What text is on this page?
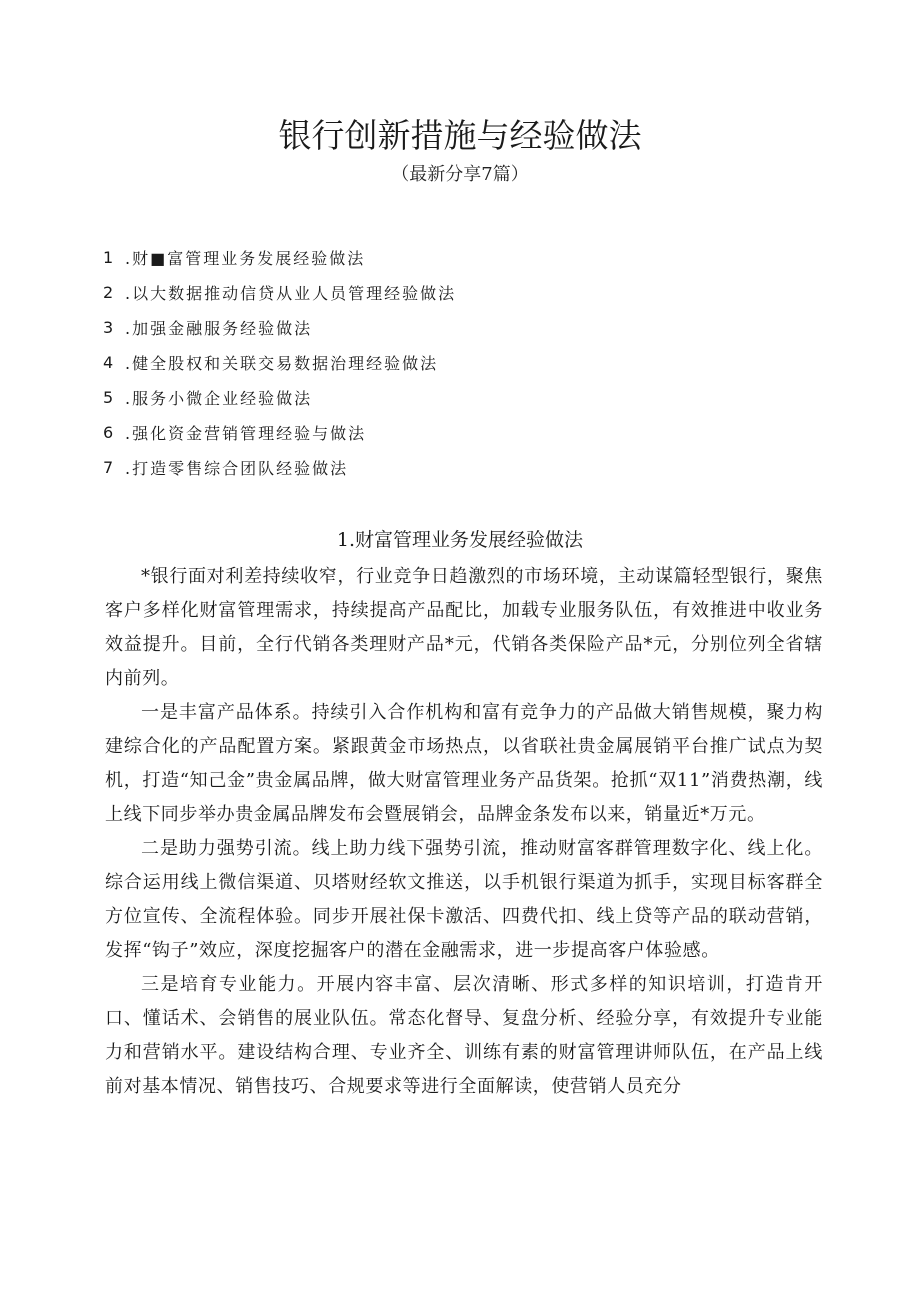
银行创新措施与经验做法
（最新分享7篇）
1 .财■富管理业务发展经验做法
2 .以大数据推动信贷从业人员管理经验做法
3 .加强金融服务经验做法
4 .健全股权和关联交易数据治理经验做法
5 .服务小微企业经验做法
6 .强化资金营销管理经验与做法
7 .打造零售综合团队经验做法
1.财富管理业务发展经验做法

*银行面对利差持续收窄，行业竞争日趋激烈的市场环境，主动谋篇轻型银行，聚焦客户多样化财富管理需求，持续提高产品配比，加载专业服务队伍，有效推进中收业务效益提升。目前，全行代销各类理财产品*元，代销各类保险产品*元，分别位列全省辖内前列。

一是丰富产品体系。持续引入合作机构和富有竞争力的产品做大销售规模，聚力构建综合化的产品配置方案。紧跟黄金市场热点，以省联社贵金属展销平台推广试点为契机，打造“知己金”贵金属品牌，做大财富管理业务产品货架。抢抓“双11”消费热潮，线上线下同步举办贵金属品牌发布会暨展销会，品牌金条发布以来，销量近*万元。

二是助力强势引流。线上助力线下强势引流，推动财富客群管理数字化、线上化。综合运用线上微信渠道、贝塔财经软文推送，以手机银行渠道为抓手，实现目标客群全方位宣传、全流程体验。同步开展社保卡激活、四费代扣、线上贷等产品的联动营销，发挥“钩子”效应，深度挖掘客户的潜在金融需求，进一步提高客户体验感。

三是培育专业能力。开展内容丰富、层次清晰、形式多样的知识培训，打造肯开口、懂话术、会销售的展业队伍。常态化督导、复盘分析、经验分享，有效提升专业能力和营销水平。建设结构合理、专业齐全、训练有素的财富管理讲师队伍，在产品上线前对基本情况、销售技巧、合规要求等进行全面解读，使营销人员充分
